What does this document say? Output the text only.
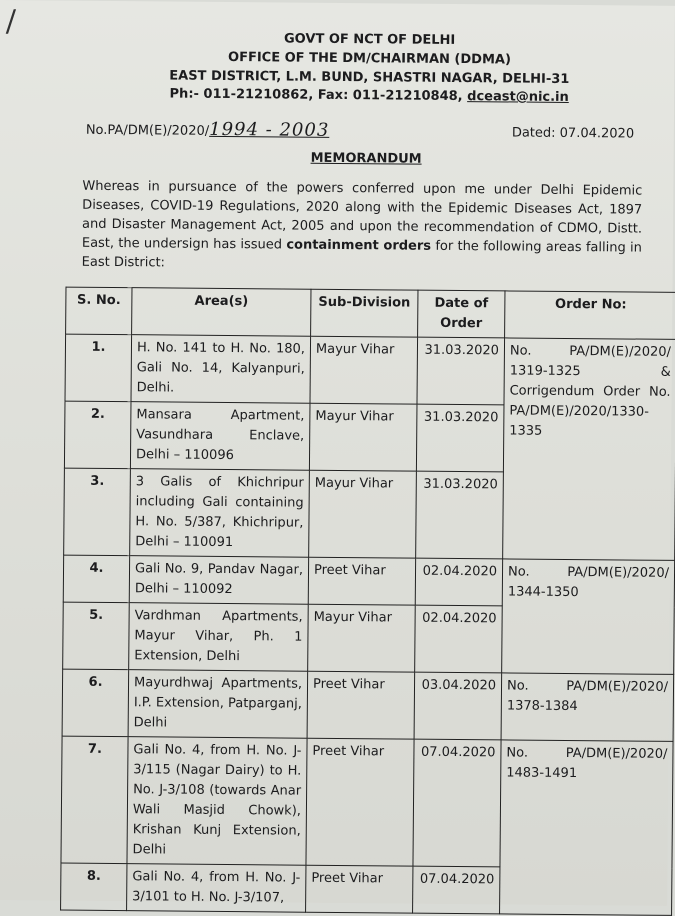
/
GOVT OF NCT OF DELHI
OFFICE OF THE DM/CHAIRMAN (DDMA)
EAST DISTRICT, L.M. BUND, SHASTRI NAGAR, DELHI-31
Ph:- 011-21210862, Fax: 011-21210848, dceast@nic.in
No.PA/DM(E)/2020/1994 - 2003	Dated: 07.04.2020
MEMORANDUM
Whereas in pursuance of the powers conferred upon me under Delhi Epidemic Diseases, COVID-19 Regulations, 2020 along with the Epidemic Diseases Act, 1897 and Disaster Management Act, 2005 and upon the recommendation of CDMO, Distt. East, the undersign has issued containment orders for the following areas falling in East District:
S. No.	Area(s)	Sub-Division	Date of Order	Order No:
1.	H. No. 141 to H. No. 180, Gali No. 14, Kalyanpuri, Delhi.	Mayur Vihar	31.03.2020	No. PA/DM(E)/2020/ 1319-1325 & Corrigendum Order No. PA/DM(E)/2020/1330-1335
2.	Mansara Apartment, Vasundhara Enclave, Delhi – 110096	Mayur Vihar	31.03.2020	
3.	3 Galis of Khichripur including Gali containing H. No. 5/387, Khichripur, Delhi – 110091	Mayur Vihar	31.03.2020	
4.	Gali No. 9, Pandav Nagar, Delhi – 110092	Preet Vihar	02.04.2020	No. PA/DM(E)/2020/ 1344-1350
5.	Vardhman Apartments, Mayur Vihar, Ph. 1 Extension, Delhi	Mayur Vihar	02.04.2020	
6.	Mayurdhwaj Apartments, I.P. Extension, Patparganj, Delhi	Preet Vihar	03.04.2020	No. PA/DM(E)/2020/ 1378-1384
7.	Gali No. 4, from H. No. J-3/115 (Nagar Dairy) to H. No. J-3/108 (towards Anar Wali Masjid Chowk), Krishan Kunj Extension, Delhi	Preet Vihar	07.04.2020	No. PA/DM(E)/2020/ 1483-1491
8.	Gali No. 4, from H. No. J-3/101 to H. No. J-3/107,	Preet Vihar	07.04.2020	
